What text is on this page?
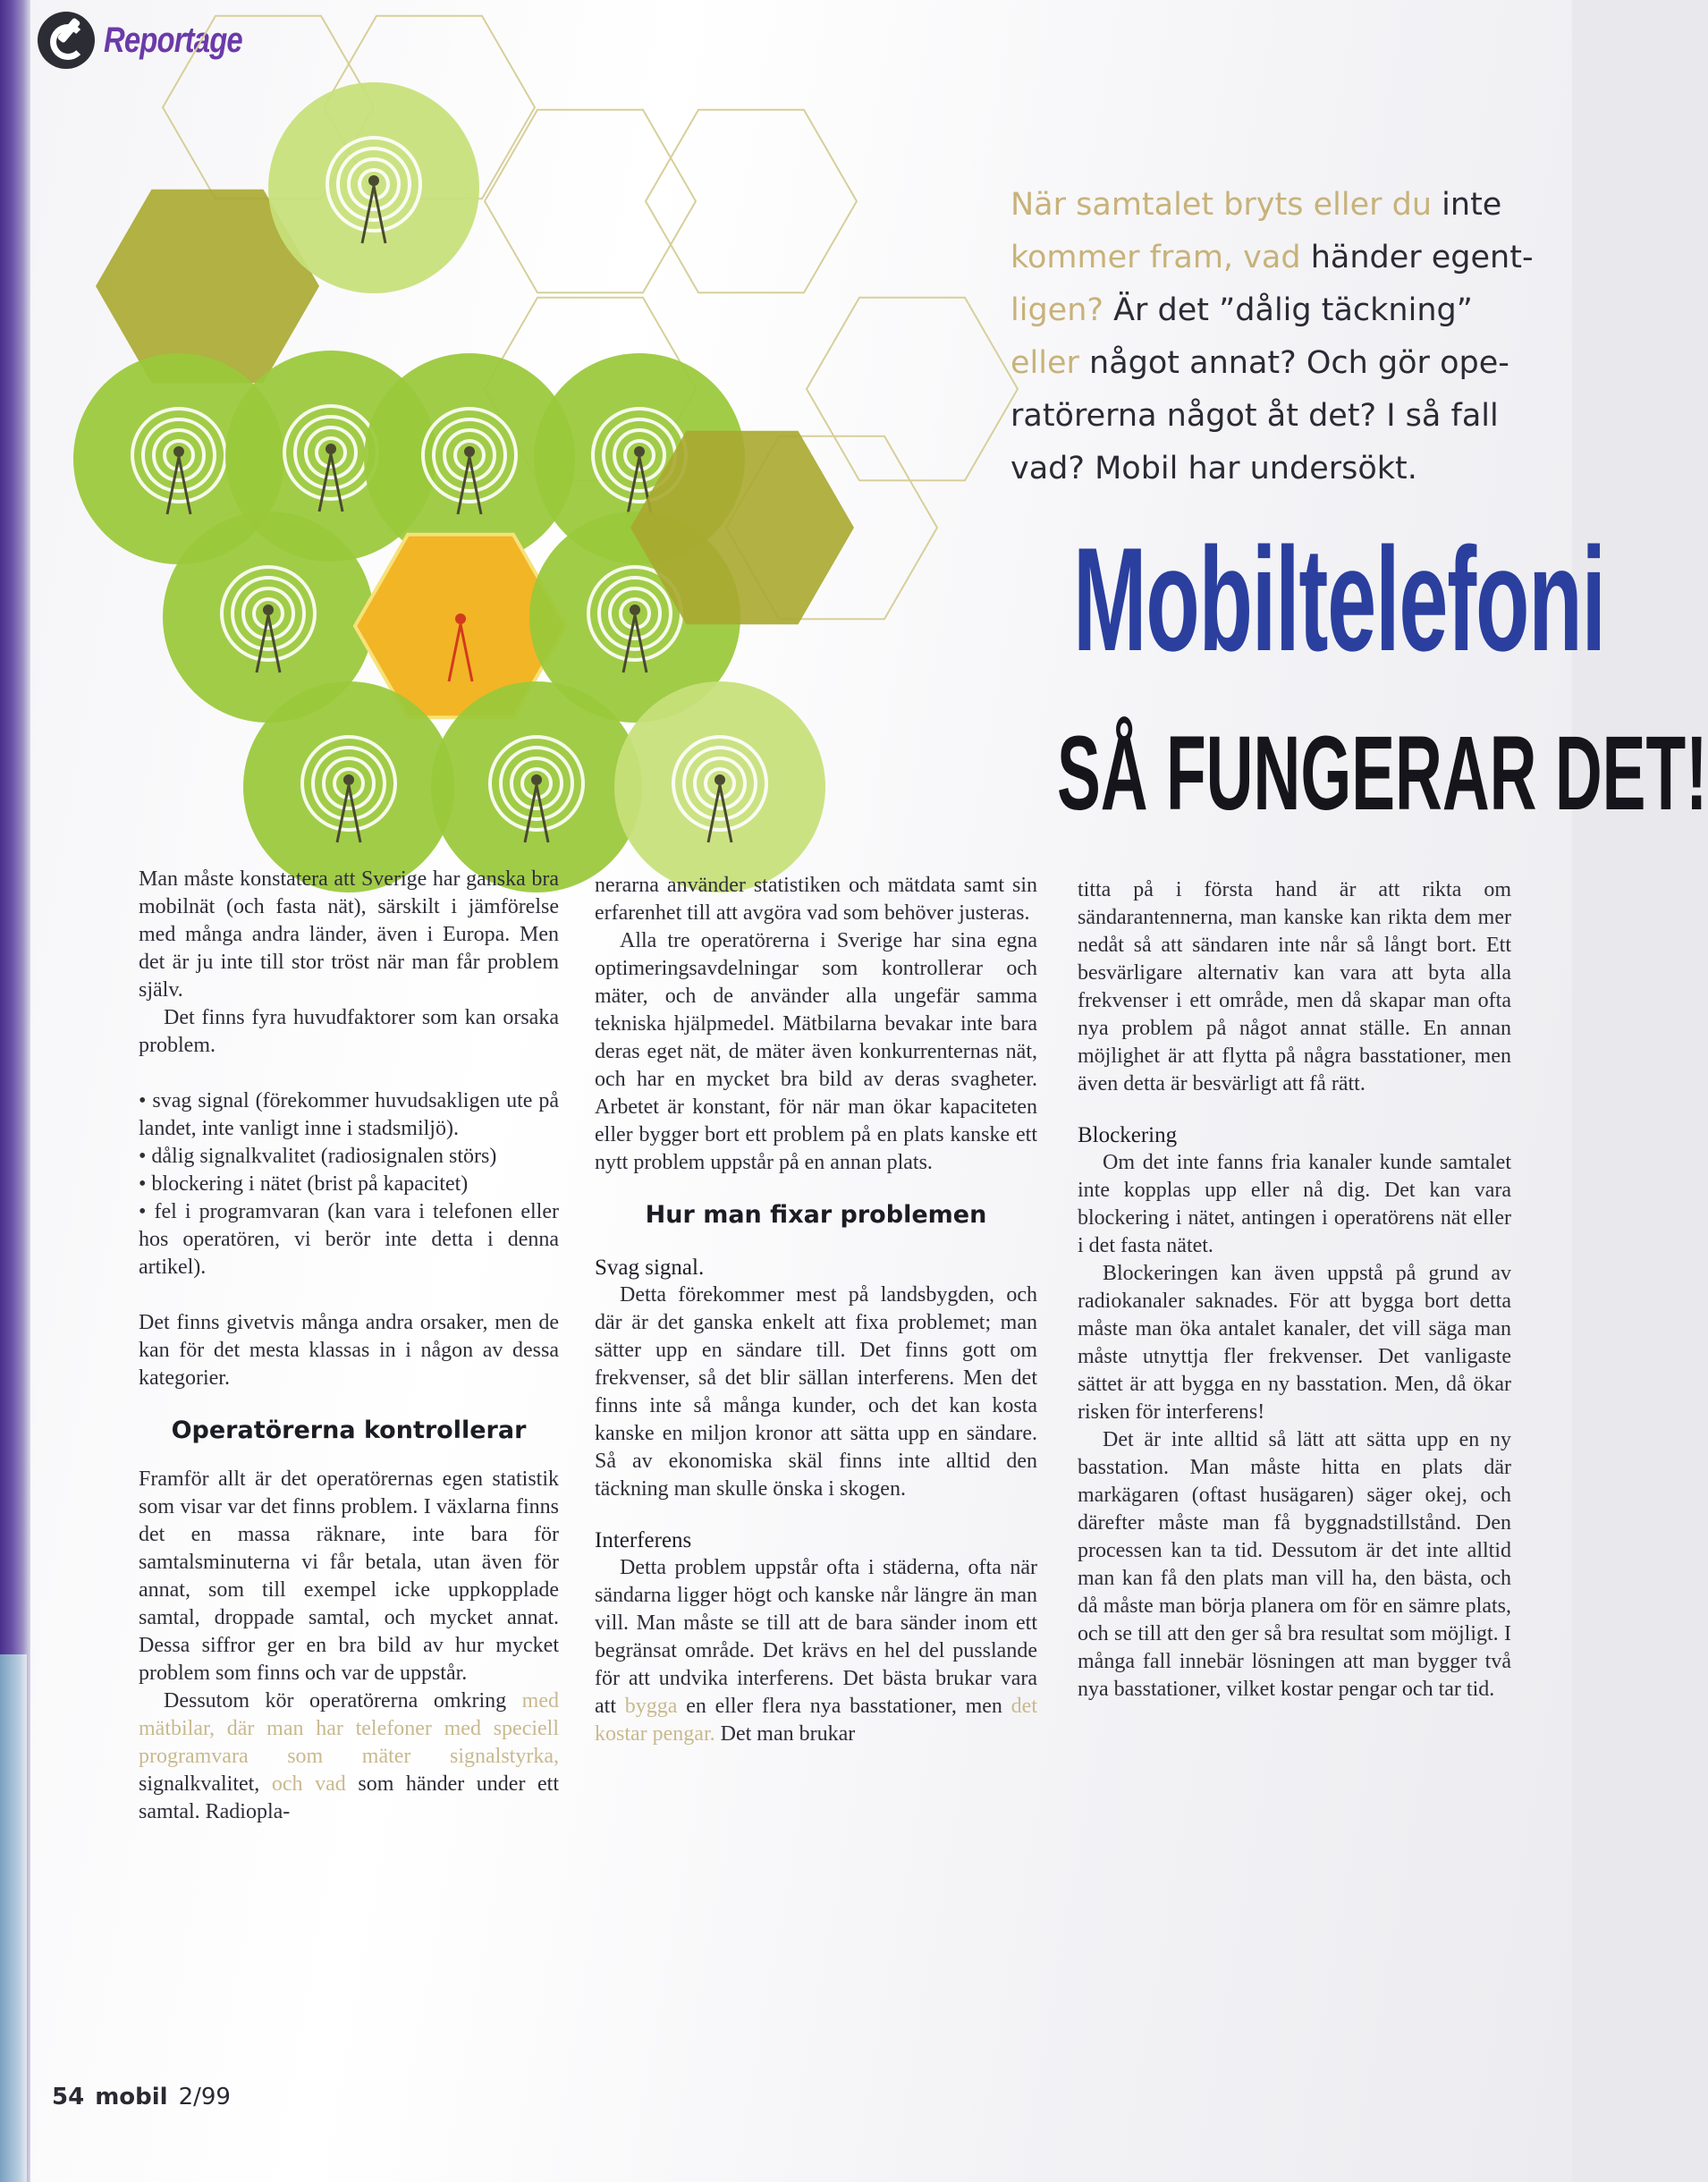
Reportage
När samtalet bryts eller du inte
kommer fram, vad händer egent-
ligen? Är det ”dålig täckning”
eller något annat? Och gör ope-
ratörerna något åt det? I så fall
vad? Mobil har undersökt.
Mobiltelefoni
SÅ FUNGERAR DET!

Man måste konstatera att Sverige har ganska bra mobilnät (och fasta nät), särskilt i jämförelse med många andra länder, även i Europa. Men det är ju inte till stor tröst när man får problem själv.

Det finns fyra huvudfaktorer som kan orsaka problem.

• svag signal (förekommer huvudsakligen ute på landet, inte vanligt inne i stadsmiljö).

• dålig signalkvalitet (radiosignalen störs)

• blockering i nätet (brist på kapacitet)

• fel i programvaran (kan vara i telefonen eller hos operatören, vi berör inte detta i denna artikel).

Det finns givetvis många andra orsaker, men de kan för det mesta klassas in i någon av dessa kategorier.

Operatörerna kontrollerar

Framför allt är det operatörernas egen statistik som visar var det finns problem. I växlarna finns det en massa räknare, inte bara för samtalsminuterna vi får betala, utan även för annat, som till exempel icke uppkopplade samtal, droppade samtal, och mycket annat. Dessa siffror ger en bra bild av hur mycket problem som finns och var de uppstår.

Dessutom kör operatörerna omkring med mätbilar, där man har telefoner med speciell programvara som mäter signalstyrka, signalkvalitet, och vad som händer under ett samtal. Radiopla-

nerarna använder statistiken och mätdata samt sin erfarenhet till att avgöra vad som behöver justeras.

Alla tre operatörerna i Sverige har sina egna optimeringsavdelningar som kontrollerar och mäter, och de använder alla ungefär samma tekniska hjälpmedel. Mätbilarna bevakar inte bara deras eget nät, de mäter även konkurrenternas nät, och har en mycket bra bild av deras svagheter. Arbetet är konstant, för när man ökar kapaciteten eller bygger bort ett problem på en plats kanske ett nytt problem uppstår på en annan plats.

Hur man fixar problemen
Svag signal.

Detta förekommer mest på landsbygden, och där är det ganska enkelt att fixa problemet; man sätter upp en sändare till. Det finns gott om frekvenser, så det blir sällan interferens. Men det finns inte så många kunder, och det kan kosta kanske en miljon kronor att sätta upp en sändare. Så av ekonomiska skäl finns inte alltid den täckning man skulle önska i skogen.

Interferens

Detta problem uppstår ofta i städerna, ofta när sändarna ligger högt och kanske når längre än man vill. Man måste se till att de bara sänder inom ett begränsat område. Det krävs en hel del pusslande för att undvika interferens. Det bästa brukar vara att bygga en eller flera nya basstationer, men det kostar pengar. Det man brukar

titta på i första hand är att rikta om sändarantennerna, man kanske kan rikta dem mer nedåt så att sändaren inte når så långt bort. Ett besvärligare alternativ kan vara att byta alla frekvenser i ett område, men då skapar man ofta nya problem på något annat ställe. En annan möjlighet är att flytta på några basstationer, men även detta är besvärligt att få rätt.

Blockering

Om det inte fanns fria kanaler kunde samtalet inte kopplas upp eller nå dig. Det kan vara blockering i nätet, antingen i operatörens nät eller i det fasta nätet.

Blockeringen kan även uppstå på grund av radiokanaler saknades. För att bygga bort detta måste man öka antalet kanaler, det vill säga man måste utnyttja fler frekvenser. Det vanligaste sättet är att bygga en ny basstation. Men, då ökar risken för interferens!

Det är inte alltid så lätt att sätta upp en ny basstation. Man måste hitta en plats där markägaren (oftast husägaren) säger okej, och därefter måste man få byggnadstillstånd. Den processen kan ta tid. Dessutom är det inte alltid man kan få den plats man vill ha, den bästa, och då måste man börja planera om för en sämre plats, och se till att den ger så bra resultat som möjligt. I många fall innebär lösningen att man bygger två nya basstationer, vilket kostar pengar och tar tid.

54 mobil 2/99
